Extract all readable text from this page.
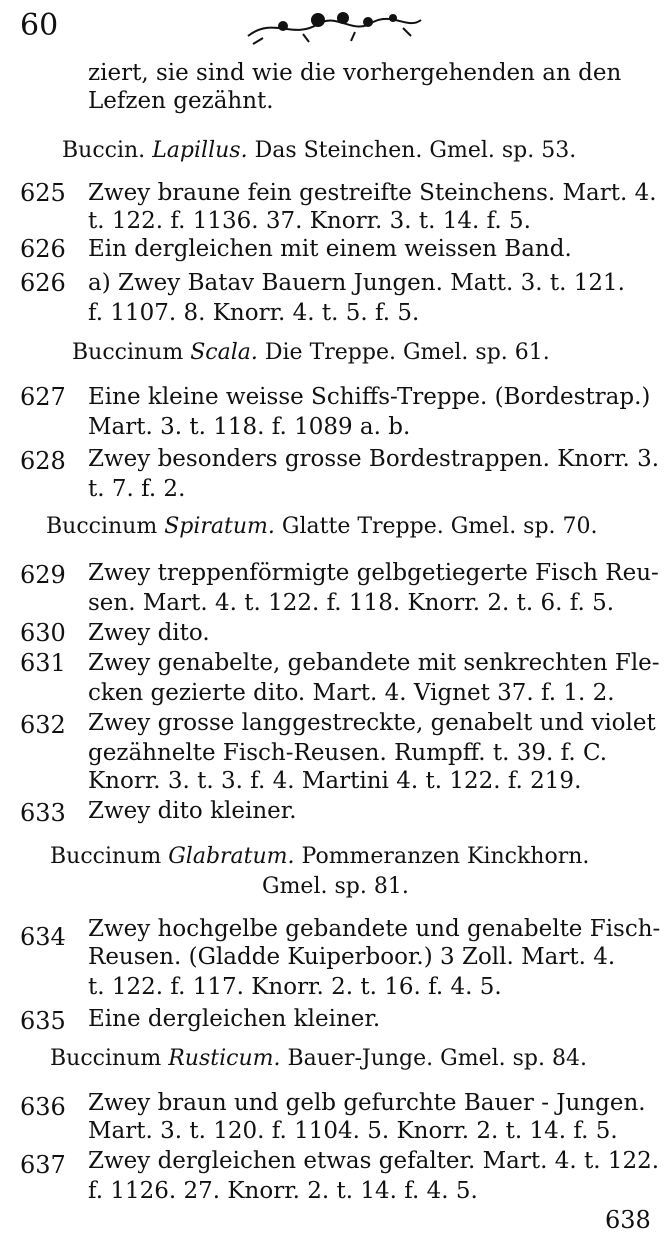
60
ziert, sie sind wie die vorhergehenden an den
Lefzen gezähnt.
Buccin. Lapillus. Das Steinchen. Gmel. sp. 53.
625 Zwey braune fein gestreifte Steinchens. Mart. 4.
t. 122. f. 1136. 37. Knorr. 3. t. 14. f. 5.
626 Ein dergleichen mit einem weissen Band.
626 a) Zwey Batav Bauern Jungen. Matt. 3. t. 121.
f. 1107. 8. Knorr. 4. t. 5. f. 5.
Buccinum Scala. Die Treppe. Gmel. sp. 61.
627 Eine kleine weisse Schiffs-Treppe. (Bordestrap.)
Mart. 3. t. 118. f. 1089 a. b.
628 Zwey besonders grosse Bordestrappen. Knorr. 3.
t. 7. f. 2.
Buccinum Spiratum. Glatte Treppe. Gmel. sp. 70.
629 Zwey treppenförmigte gelbgetiegerte Fisch Reu-
sen. Mart. 4. t. 122. f. 118. Knorr. 2. t. 6. f. 5.
630 Zwey dito.
631 Zwey genabelte, gebandete mit senkrechten Fle-
cken gezierte dito. Mart. 4. Vignet 37. f. 1. 2.
632 Zwey grosse langgestreckte, genabelt und violet
gezähnelte Fisch-Reusen. Rumpff. t. 39. f. C.
Knorr. 3. t. 3. f. 4. Martini 4. t. 122. f. 219.
633 Zwey dito kleiner.
Buccinum Glabratum. Pommeranzen Kinckhorn.
Gmel. sp. 81.
634 Zwey hochgelbe gebandete und genabelte Fisch-
Reusen. (Gladde Kuiperboor.) 3 Zoll. Mart. 4.
t. 122. f. 117. Knorr. 2. t. 16. f. 4. 5.
635 Eine dergleichen kleiner.
Buccinum Rusticum. Bauer-Junge. Gmel. sp. 84.
636 Zwey braun und gelb gefurchte Bauer - Jungen.
Mart. 3. t. 120. f. 1104. 5. Knorr. 2. t. 14. f. 5.
637 Zwey dergleichen etwas gefalter. Mart. 4. t. 122.
f. 1126. 27. Knorr. 2. t. 14. f. 4. 5.
638
